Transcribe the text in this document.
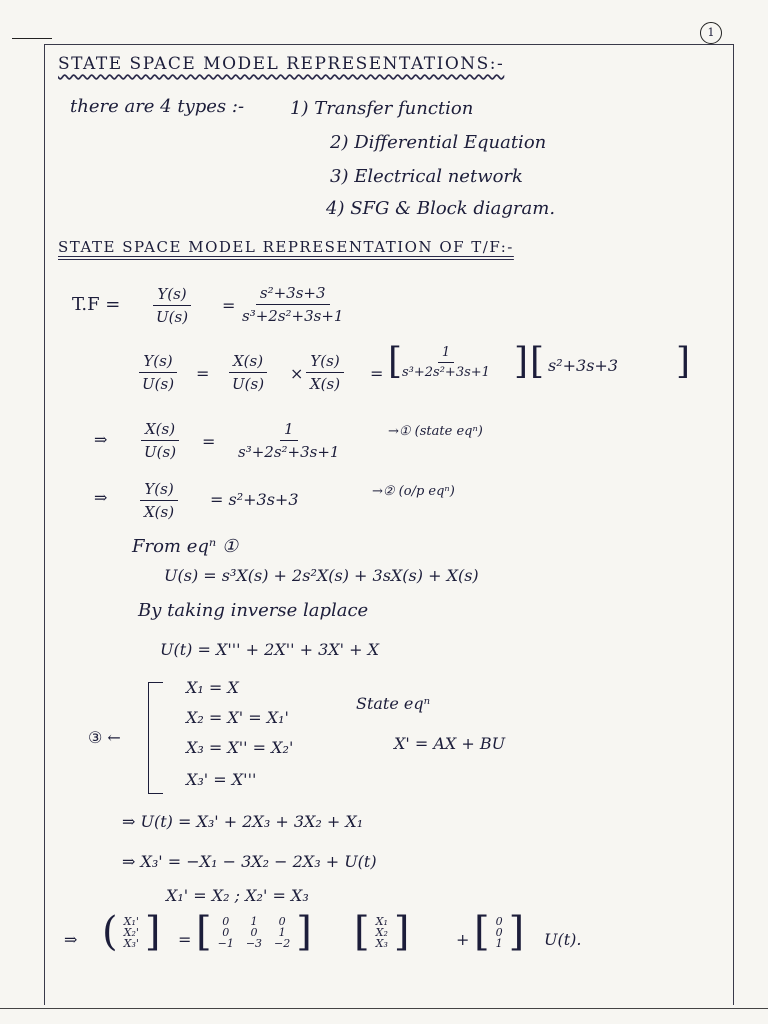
1
STATE SPACE MODEL REPRESENTATIONS:-
there are 4 types :-	1) Transfer function
2) Differential Equation
3) Electrical network
4) SFG & Block diagram.
STATE SPACE MODEL REPRESENTATION OF T/F:-
$T.F = \frac{Y(s)}{U(s)} = \frac{\text{s²+3s+3}}{\text{s³+2s²+3s+1}}$
$\frac{Y(s)}{U(s)} = \frac{X(s)}{U(s)} \times \frac{Y(s)}{X(s)}$ = [
$\frac{1}{\text{s³+2s²+3s+1}}$ ] [ s²+3s+3 ]
⇒ $\frac{X(s)}{U(s)} = \frac{1}{\text{s³+2s²+3s+1}}$	→① (state eqⁿ)
⇒ $\frac{Y(s)}{X(s)} = s^2+3s+3$	→② (o/p eqⁿ)
From eqⁿ ①
U(s) = s³X(s) + 2s²X(s) + 3sX(s) + X(s)
By taking inverse laplace
U(t) = X''' + 2X'' + 3X' + X
③ ←
X₁ = X
X₂ = X' = X₁'
X₃ = X'' = X₂'
X₃' = X'''
State eqⁿ
X' = AX + BU
⇒ U(t) = X₃' + 2X₃ + 3X₂ + X₁
⇒ X₃' = −X₁ − 3X₂ − 2X₃ + U(t)
X₁' = X₂ ; X₂' = X₃
⇒ ( X₁'
X₂'
X₃' ] = [ 0	1	0
0	0	1
−1	−3	−2 ] [ X₁
X₂
X₃ ]	+ [ 0
0
1 ] U(t).
